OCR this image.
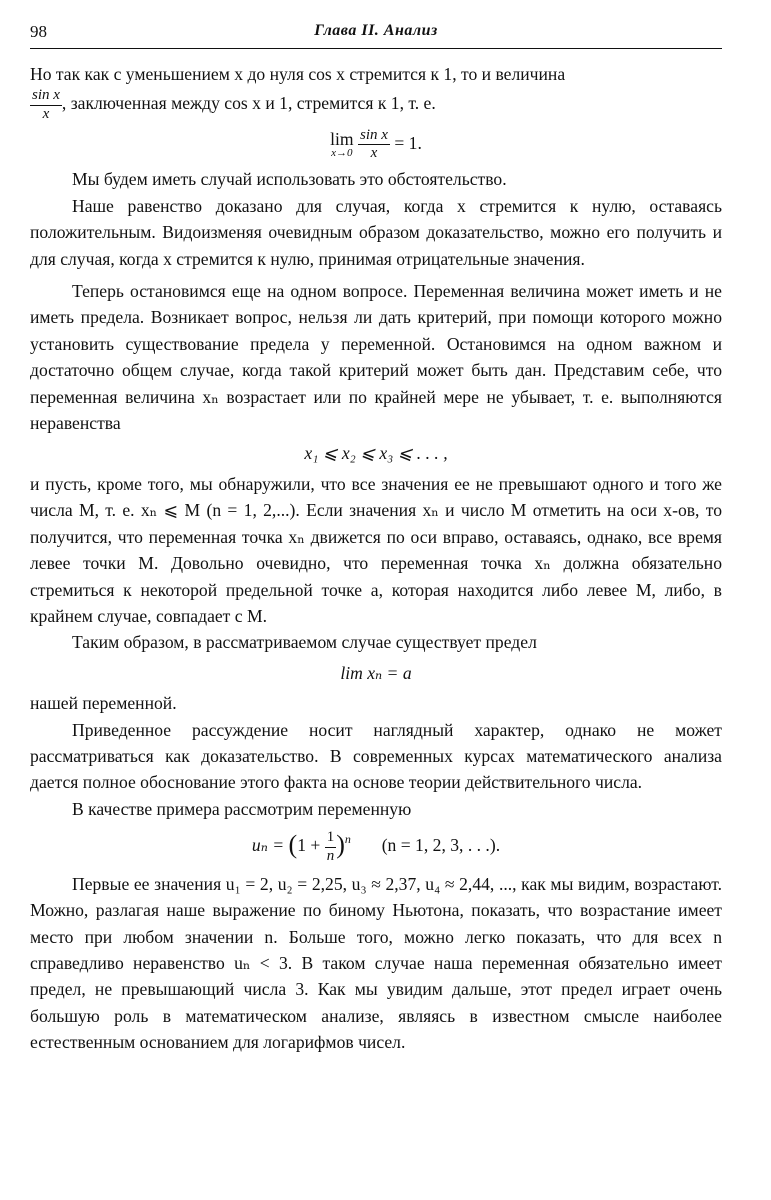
98	Глава II. Анализ

Но так как с уменьшением x до нуля cos x стремится к 1, то и величина

$\frac{\text{sin x}}{x}$ , заключенная между cos x и 1, стремится к 1, т. е.

lim
x→0
$\frac{\text{sin x}}{x} = 1$.

Мы будем иметь случай использовать это обстоятельство.

Наше равенство доказано для случая, когда x стремится к нулю, оставаясь положительным. Видоизменяя очевидным образом доказательство, можно его получить и для случая, когда x стремится к нулю, принимая отрицательные значения.

Теперь остановимся еще на одном вопросе. Переменная величина может иметь и не иметь предела. Возникает вопрос, нельзя ли дать критерий, при помощи которого можно установить существование предела у переменной. Остановимся на одном важном и достаточно общем случае, когда такой критерий может быть дан. Представим себе, что переменная величина xₙ возрастает или по крайней мере не убывает, т. е. выполняются неравенства

x₁ ⩽ x₂ ⩽ x₃ ⩽ . . . ,

и пусть, кроме того, мы обнаружили, что все значения ее не превышают одного и того же числа M, т. е. xₙ ⩽ M (n = 1, 2,...). Если значения xₙ и число M отметить на оси x-ов, то получится, что переменная точка xₙ движется по оси вправо, оставаясь, однако, все время левее точки M. Довольно очевидно, что переменная точка xₙ должна обязательно стремиться к некоторой предельной точке a, которая находится либо левее M, либо, в крайнем случае, совпадает с M.

Таким образом, в рассматриваемом случае существует предел

lim xₙ = a

нашей переменной.

Приведенное рассуждение носит наглядный характер, однако не может рассматриваться как доказательство. В современных курсах математического анализа дается полное обоснование этого факта на основе теории действительного числа.

В качестве примера рассмотрим переменную

$u_n = (1 + \frac{1}{n} )^n$ (n = 1, 2, 3, . . .).

Первые ее значения u₁ = 2, u₂ = 2,25, u₃ ≈ 2,37, u₄ ≈ 2,44, ..., как мы видим, возрастают. Можно, разлагая наше выражение по биному Ньютона, показать, что возрастание имеет место при любом значении n. Больше того, можно легко показать, что для всех n справедливо неравенство uₙ < 3. В таком случае наша переменная обязательно имеет предел, не превышающий числа 3. Как мы увидим дальше, этот предел играет очень большую роль в математическом анализе, являясь в известном смысле наиболее естественным основанием для логарифмов чисел.
